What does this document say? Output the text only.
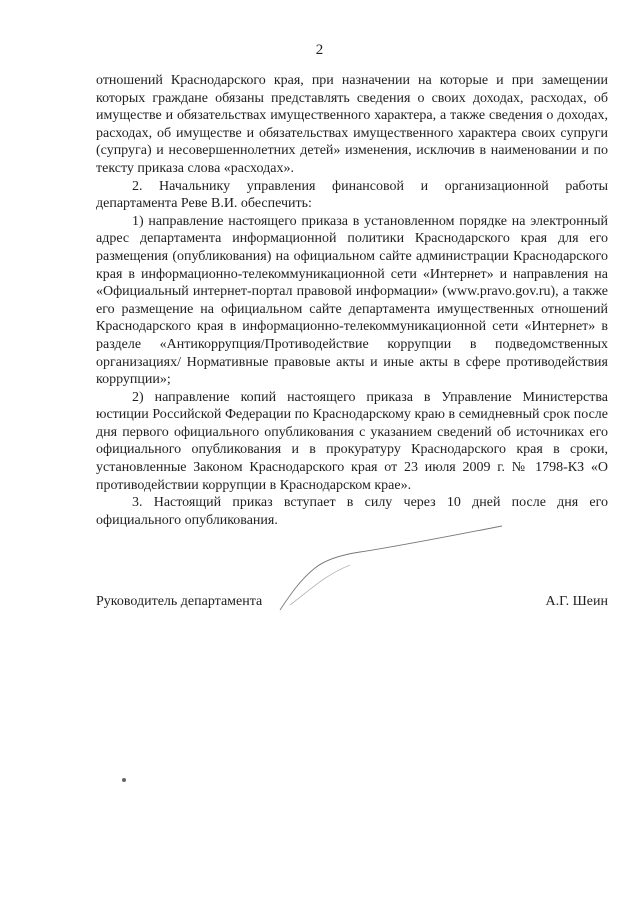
2

отношений Краснодарского края, при назначении на которые и при замещении которых граждане обязаны представлять сведения о своих доходах, расходах, об имуществе и обязательствах имущественного характера, а также сведения о доходах, расходах, об имуществе и обязательствах имущественного характера своих супруги (супруга) и несовершеннолетних детей» изменения, исключив в наименовании и по тексту приказа слова «расходах».

2. Начальнику управления финансовой и организационной работы департамента Реве В.И. обеспечить:

1) направление настоящего приказа в установленном порядке на электронный адрес департамента информационной политики Краснодарского края для его размещения (опубликования) на официальном сайте администрации Краснодарского края в информационно-телекоммуникационной сети «Интернет» и направления на «Официальный интернет-портал правовой информации» (www.pravo.gov.ru), а также его размещение на официальном сайте департамента имущественных отношений Краснодарского края в информационно-телекоммуникационной сети «Интернет» в разделе «Антикоррупция/Противодействие коррупции в подведомственных организациях/ Нормативные правовые акты и иные акты в сфере противодействия коррупции»;

2) направление копий настоящего приказа в Управление Министерства юстиции Российской Федерации по Краснодарскому краю в семидневный срок после дня первого официального опубликования с указанием сведений об источниках его официального опубликования и в прокуратуру Краснодарского края в сроки, установленные Законом Краснодарского края от 23 июля 2009 г. № 1798-КЗ «О противодействии коррупции в Краснодарском крае».

3. Настоящий приказ вступает в силу через 10 дней после дня его официального опубликования.

Руководитель департамента	А.Г. Шеин
